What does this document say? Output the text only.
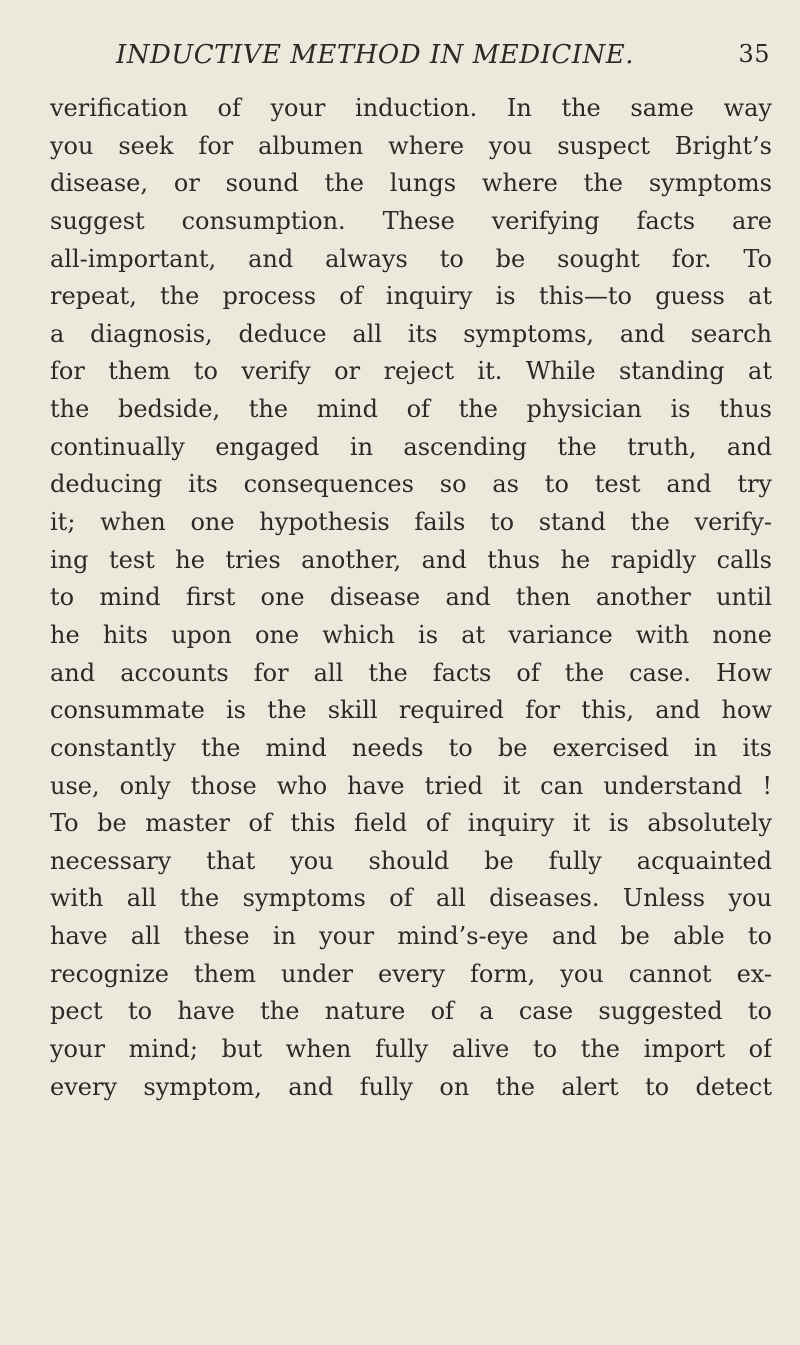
INDUCTIVE METHOD IN MEDICINE.	35
verification of your induction. In the same way
you seek for albumen where you suspect Bright’s
disease, or sound the lungs where the symptoms
suggest consumption. These verifying facts are
all-important, and always to be sought for. To
repeat, the process of inquiry is this—to guess at
a diagnosis, deduce all its symptoms, and search
for them to verify or reject it. While standing at
the bedside, the mind of the physician is thus
continually engaged in ascending the truth, and
deducing its consequences so as to test and try
it; when one hypothesis fails to stand the verify-
ing test he tries another, and thus he rapidly calls
to mind first one disease and then another until
he hits upon one which is at variance with none
and accounts for all the facts of the case. How
consummate is the skill required for this, and how
constantly the mind needs to be exercised in its
use, only those who have tried it can understand !
To be master of this field of inquiry it is absolutely
necessary that you should be fully acquainted
with all the symptoms of all diseases. Unless you
have all these in your mind’s-eye and be able to
recognize them under every form, you cannot ex-
pect to have the nature of a case suggested to
your mind; but when fully alive to the import of
every symptom, and fully on the alert to detect
